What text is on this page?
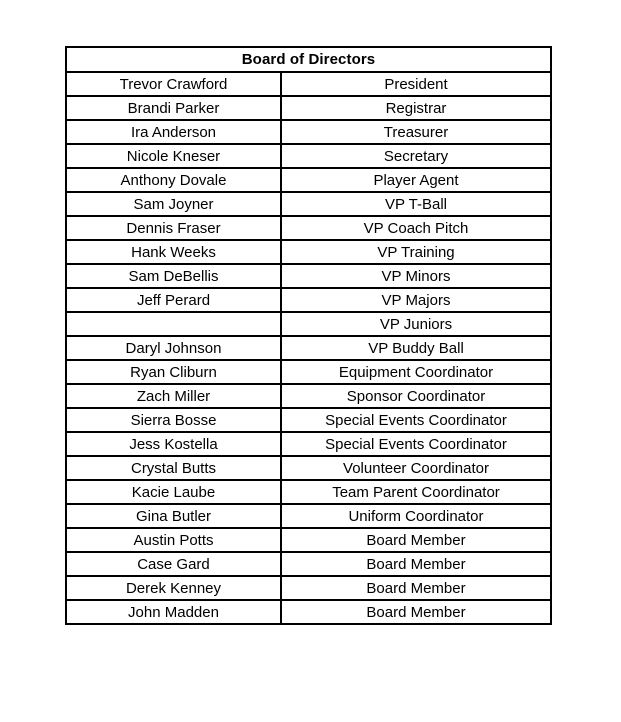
Board of Directors	
Trevor Crawford	President
Brandi Parker	Registrar
Ira Anderson	Treasurer
Nicole Kneser	Secretary
Anthony Dovale	Player Agent
Sam Joyner	VP T-Ball
Dennis Fraser	VP Coach Pitch
Hank Weeks	VP Training
Sam DeBellis	VP Minors
Jeff Perard	VP Majors
	VP Juniors
Daryl Johnson	VP Buddy Ball
Ryan Cliburn	Equipment Coordinator
Zach Miller	Sponsor Coordinator
Sierra Bosse	Special Events Coordinator
Jess Kostella	Special Events Coordinator
Crystal Butts	Volunteer Coordinator
Kacie Laube	Team Parent Coordinator
Gina Butler	Uniform Coordinator
Austin Potts	Board Member
Case Gard	Board Member
Derek Kenney	Board Member
John Madden	Board Member
